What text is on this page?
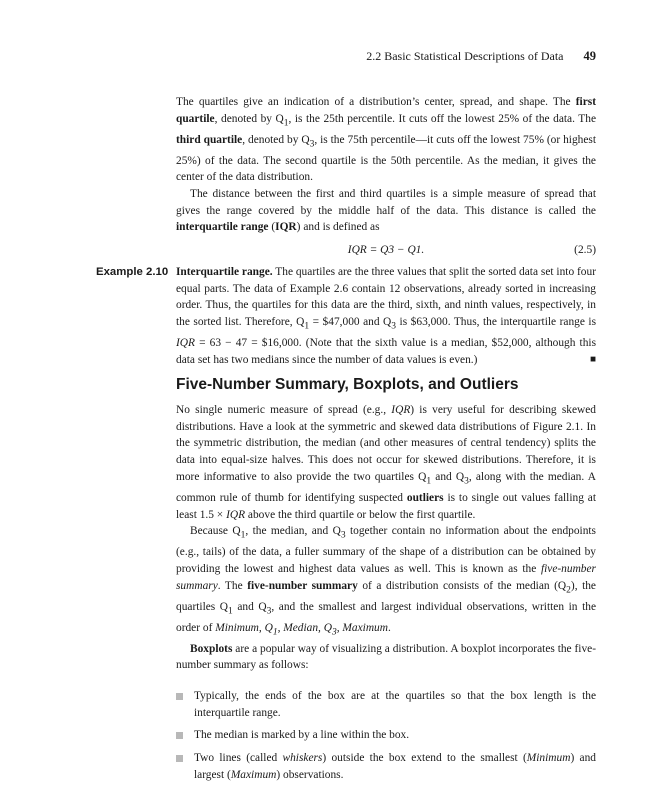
2.2 Basic Statistical Descriptions of Data 49

The quartiles give an indication of a distribution’s center, spread, and shape. The first quartile, denoted by $Q_1$, is the 25th percentile. It cuts off the lowest 25% of the data. The third quartile, denoted by $Q_3$, is the 75th percentile—it cuts off the lowest 75% (or highest 25%) of the data. The second quartile is the 50th percentile. As the median, it gives the center of the data distribution.

The distance between the first and third quartiles is a simple measure of spread that gives the range covered by the middle half of the data. This distance is called the interquartile range (IQR) and is defined as

IQR = Q3 − Q1.	(2.5)
Example 2.10 Interquartile range. The quartiles are the three values that split the sorted data set into four equal parts. The data of Example 2.6 contain 12 observations, already sorted in increasing order. Thus, the quartiles for this data are the third, sixth, and ninth values, respectively, in the sorted list. Therefore, $Q_1$ = $47,000 and $Q_3$ is $63,000. Thus, the interquartile range is IQR = 63 − 47 = $16,000. (Note that the sixth value is a median, $52,000, although this data set has two medians since the number of data values is even.)	■
Five-Number Summary, Boxplots, and Outliers

No single numeric measure of spread (e.g., IQR) is very useful for describing skewed distributions. Have a look at the symmetric and skewed data distributions of Figure 2.1. In the symmetric distribution, the median (and other measures of central tendency) splits the data into equal-size halves. This does not occur for skewed distributions. Therefore, it is more informative to also provide the two quartiles $Q_1$ and $Q_3$, along with the median. A common rule of thumb for identifying suspected outliers is to single out values falling at least 1.5 × IQR above the third quartile or below the first quartile.

Because $Q_1$, the median, and $Q_3$ together contain no information about the endpoints (e.g., tails) of the data, a fuller summary of the shape of a distribution can be obtained by providing the lowest and highest data values as well. This is known as the five-number summary. The five-number summary of a distribution consists of the median $(Q_2)$, the quartiles $Q_1$ and $Q_3$, and the smallest and largest individual observations, written in the order of Minimum, $Q_1$, Median, $Q_3$, Maximum.

Boxplots are a popular way of visualizing a distribution. A boxplot incorporates the five-number summary as follows:

Typically, the ends of the box are at the quartiles so that the box length is the interquartile range.
The median is marked by a line within the box.
Two lines (called whiskers) outside the box extend to the smallest (Minimum) and largest (Maximum) observations.
